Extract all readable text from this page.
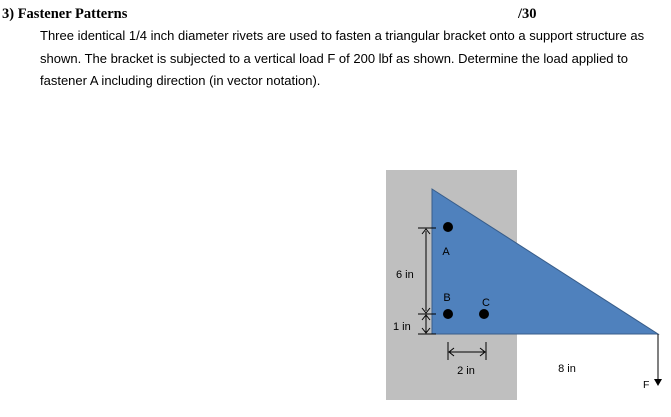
3) Fastener Patterns	/30
Three identical 1/4 inch diameter rivets are used to fasten a triangular bracket onto a support structure as shown. The bracket is subjected to a vertical load F of 200 lbf as shown. Determine the load applied to fastener A including direction (in vector notation).
A
B	C
6 in
1 in
2 in	8 in
F
